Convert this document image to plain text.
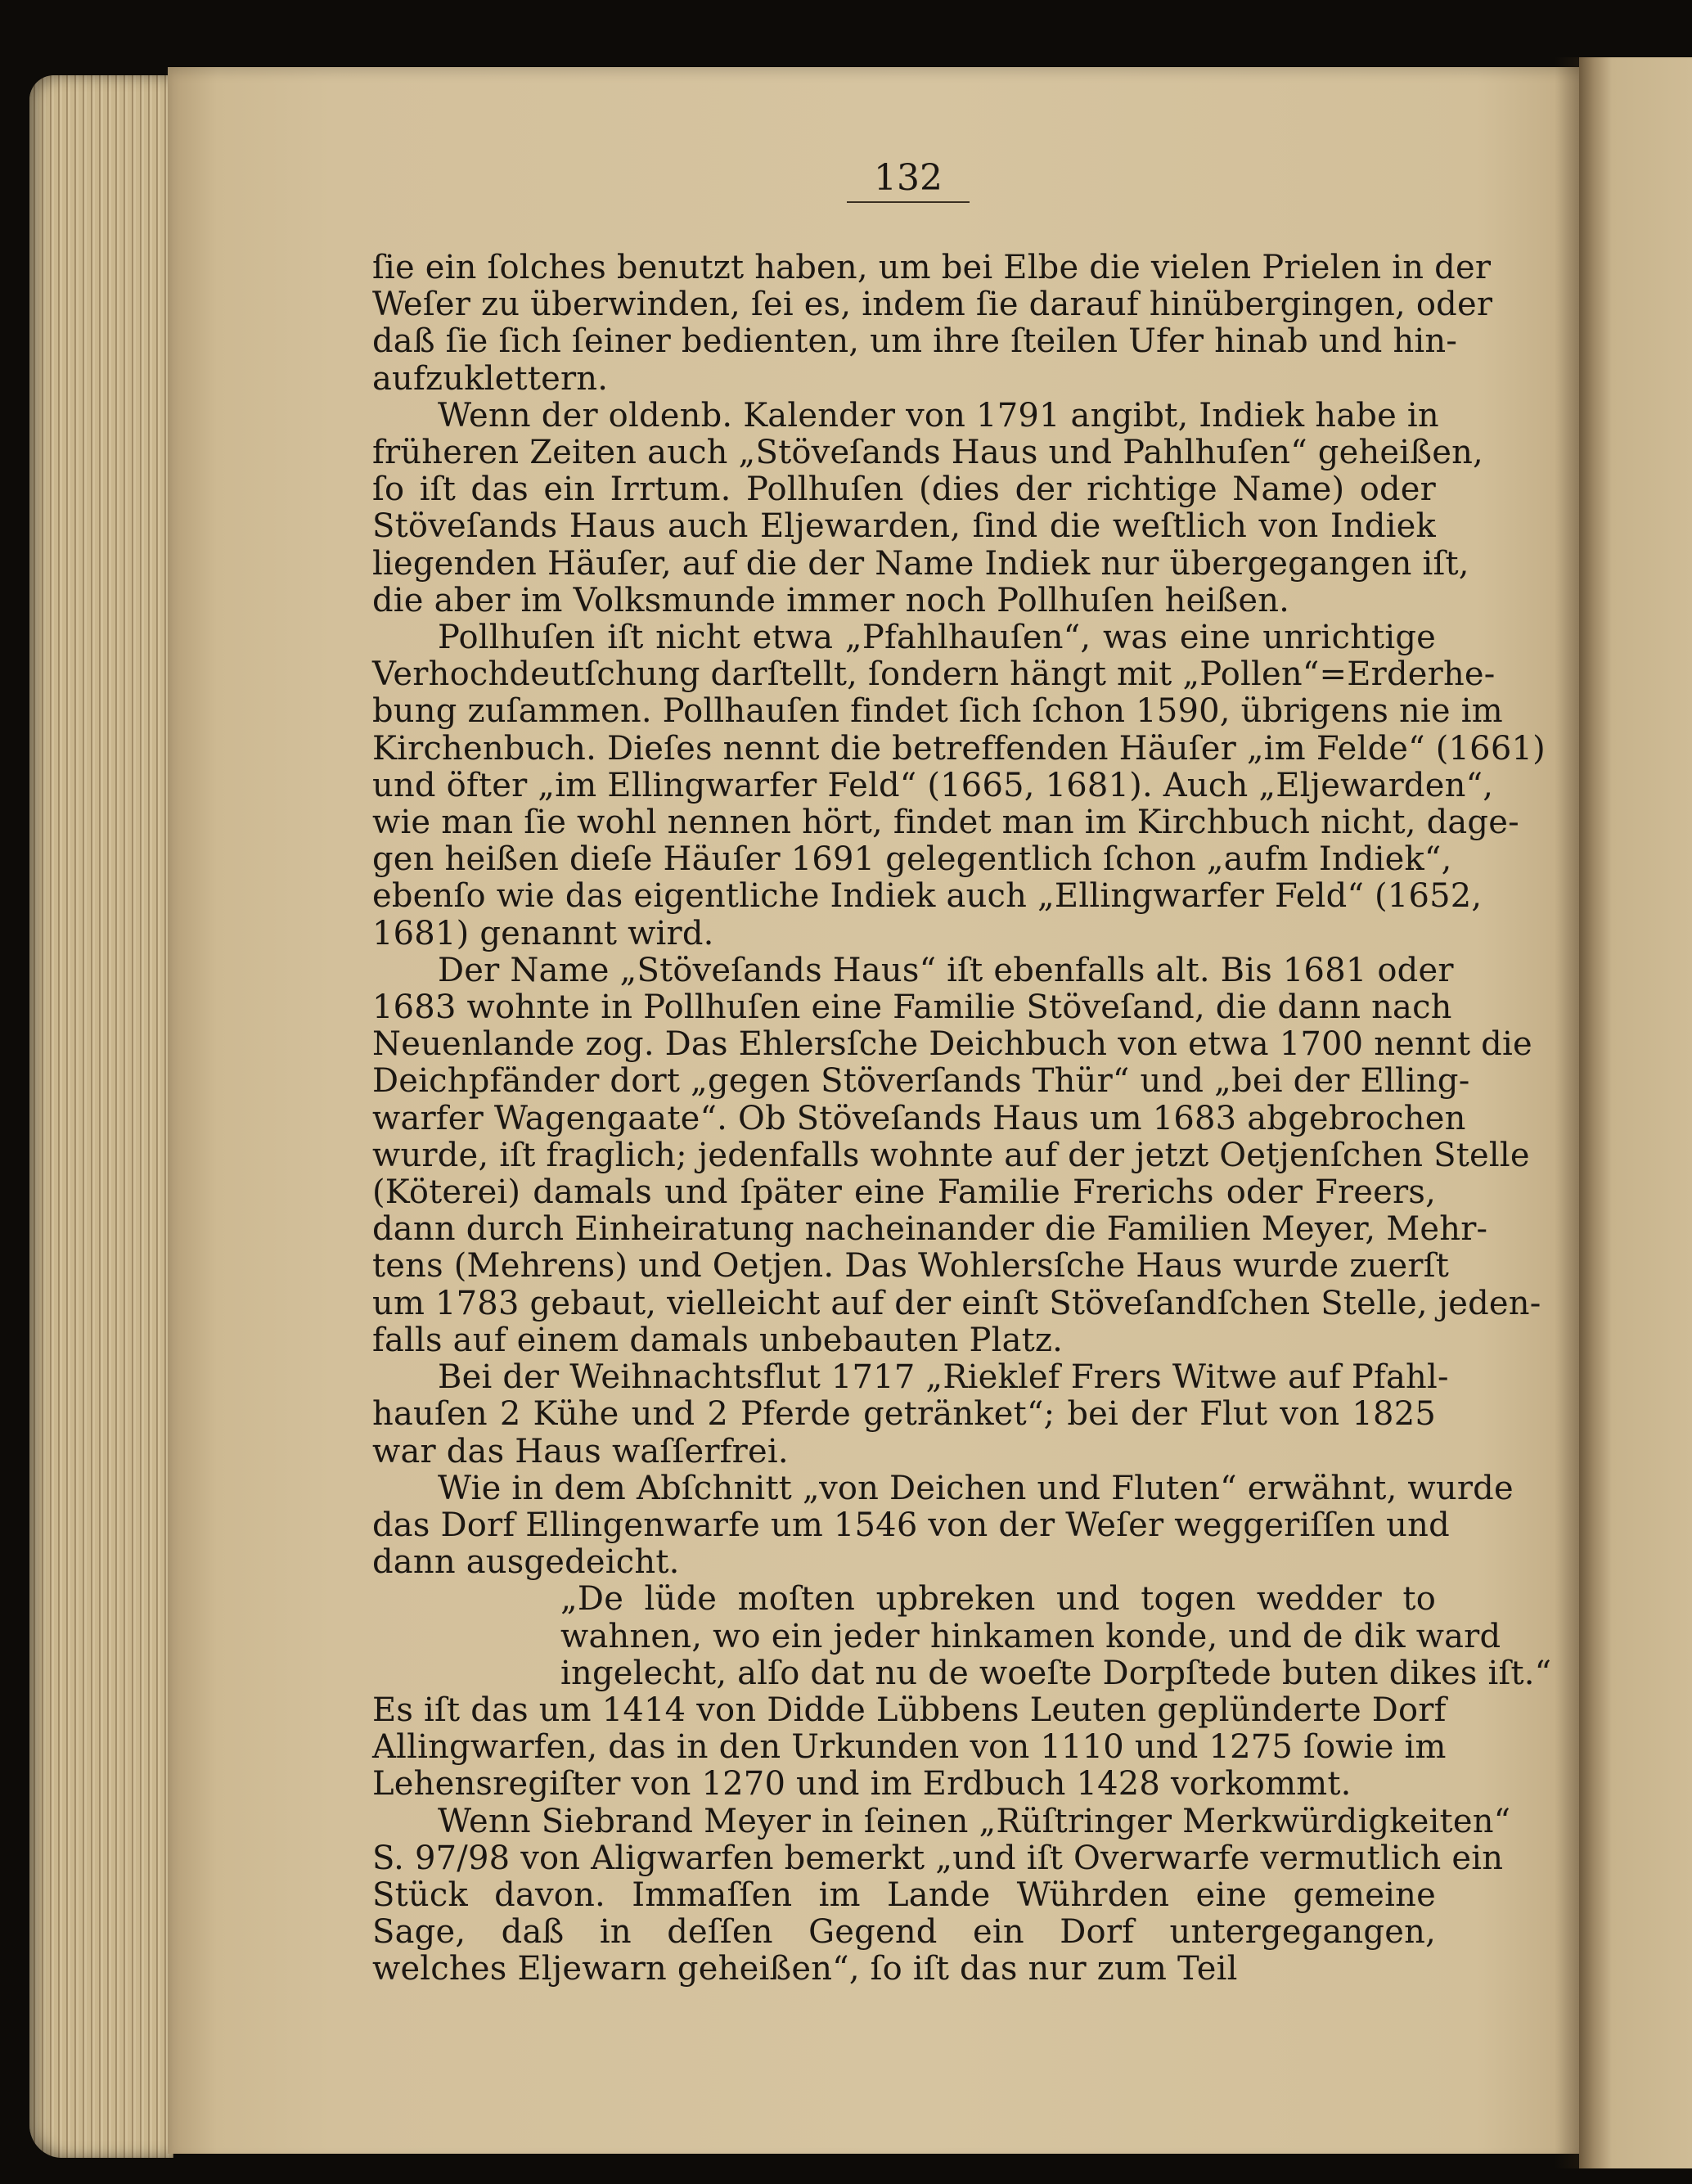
132
ſie ein ſolches benutzt haben, um bei Elbe die vielen Prielen in der
Weſer zu überwinden, ſei es, indem ſie darauf hinübergingen, oder
daß ſie ſich ſeiner bedienten, um ihre ſteilen Ufer hinab und hin-
aufzuklettern.
Wenn der oldenb. Kalender von 1791 angibt, Indiek habe in
früheren Zeiten auch „Stöveſands Haus und Pahlhuſen“ geheißen,
ſo iſt das ein Irrtum. Pollhuſen (dies der richtige Name) oder
Stöveſands Haus auch Eljewarden, ſind die weſtlich von Indiek
liegenden Häuſer, auf die der Name Indiek nur übergegangen iſt,
die aber im Volksmunde immer noch Pollhuſen heißen.
Pollhuſen iſt nicht etwa „Pfahlhauſen“, was eine unrichtige
Verhochdeutſchung darſtellt, ſondern hängt mit „Pollen“=Erderhe-
bung zuſammen. Pollhauſen findet ſich ſchon 1590, übrigens nie im
Kirchenbuch. Dieſes nennt die betreffenden Häuſer „im Felde“ (1661)
und öfter „im Ellingwarfer Feld“ (1665, 1681). Auch „Eljewarden“,
wie man ſie wohl nennen hört, findet man im Kirchbuch nicht, dage-
gen heißen dieſe Häuſer 1691 gelegentlich ſchon „aufm Indiek“,
ebenſo wie das eigentliche Indiek auch „Ellingwarfer Feld“ (1652,
1681) genannt wird.
Der Name „Stöveſands Haus“ iſt ebenfalls alt. Bis 1681 oder
1683 wohnte in Pollhuſen eine Familie Stöveſand, die dann nach
Neuenlande zog. Das Ehlersſche Deichbuch von etwa 1700 nennt die
Deichpfänder dort „gegen Stöverſands Thür“ und „bei der Elling-
warfer Wagengaate“. Ob Stöveſands Haus um 1683 abgebrochen
wurde, iſt fraglich; jedenfalls wohnte auf der jetzt Oetjenſchen Stelle
(Köterei) damals und ſpäter eine Familie Frerichs oder Freers,
dann durch Einheiratung nacheinander die Familien Meyer, Mehr-
tens (Mehrens) und Oetjen. Das Wohlersſche Haus wurde zuerſt
um 1783 gebaut, vielleicht auf der einſt Stöveſandſchen Stelle, jeden-
falls auf einem damals unbebauten Platz.
Bei der Weihnachtsflut 1717 „Rieklef Frers Witwe auf Pfahl-
hauſen 2 Kühe und 2 Pferde getränket“; bei der Flut von 1825
war das Haus waſſerfrei.
Wie in dem Abſchnitt „von Deichen und Fluten“ erwähnt, wurde
das Dorf Ellingenwarfe um 1546 von der Weſer weggeriſſen und
dann ausgedeicht.
„De lüde moſten upbreken und togen wedder to
wahnen, wo ein jeder hinkamen konde, und de dik ward
ingelecht, alſo dat nu de woeſte Dorpſtede buten dikes iſt.“
Es iſt das um 1414 von Didde Lübbens Leuten geplünderte Dorf
Allingwarfen, das in den Urkunden von 1110 und 1275 ſowie im
Lehensregiſter von 1270 und im Erdbuch 1428 vorkommt.
Wenn Siebrand Meyer in ſeinen „Rüſtringer Merkwürdigkeiten“
S. 97/98 von Aligwarfen bemerkt „und iſt Overwarfe vermutlich ein
Stück davon. Immaſſen im Lande Wührden eine gemeine
Sage, daß in deſſen Gegend ein Dorf untergegangen,
welches Eljewarn geheißen“, ſo iſt das nur zum Teil
